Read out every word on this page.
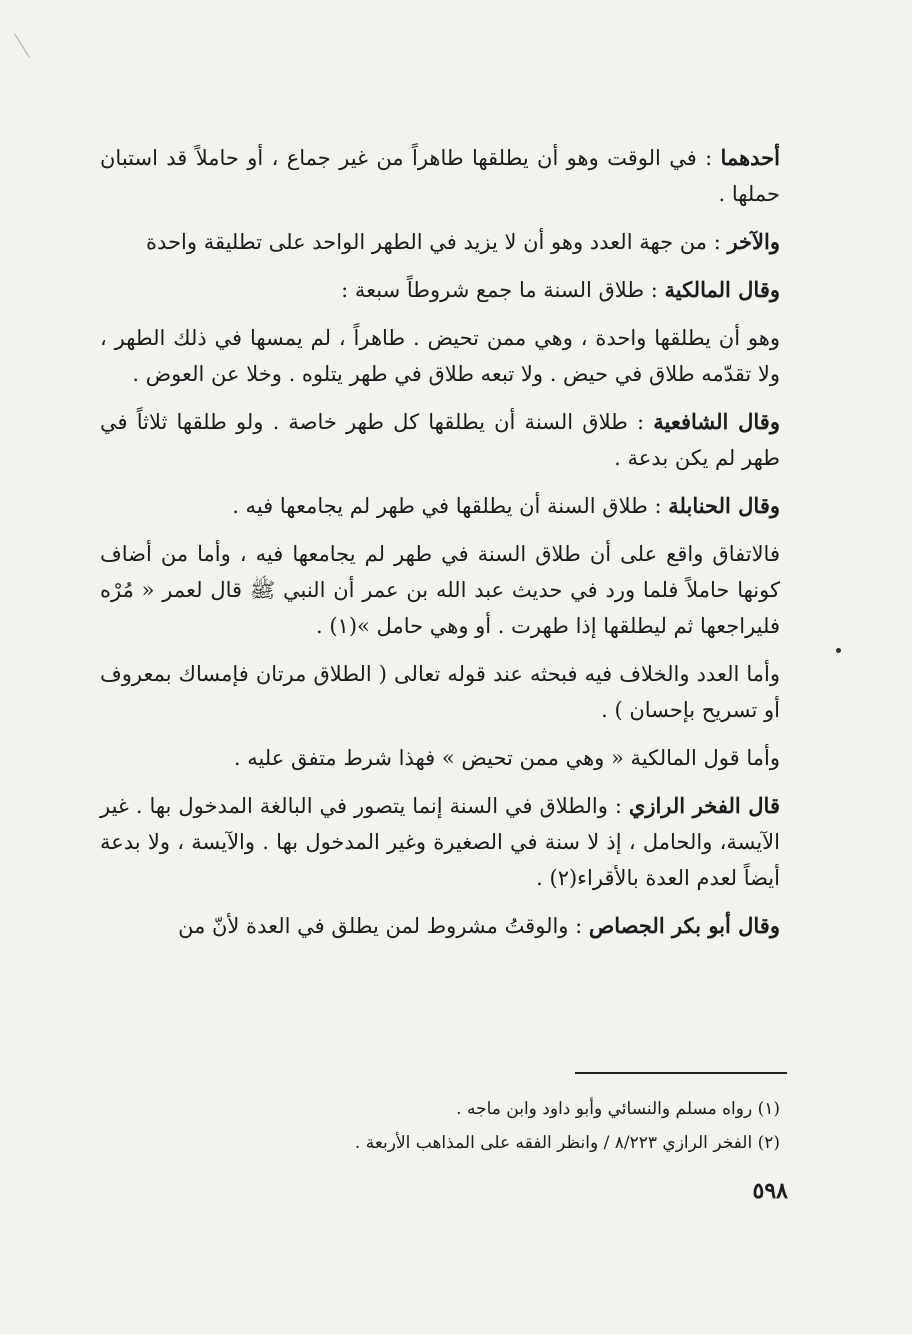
أحدهما : في الوقت وهو أن يطلقها طاهراً من غير جماع ، أو حاملاً قد استبان حملها .

والآخر : من جهة العدد وهو أن لا يزيد في الطهر الواحد على تطليقة واحدة

وقال المالكية : طلاق السنة ما جمع شروطاً سبعة :

وهو أن يطلقها واحدة ، وهي ممن تحيض . طاهراً ، لم يمسها في ذلك الطهر ، ولا تقدّمه طلاق في حيض . ولا تبعه طلاق في طهر يتلوه . وخلا عن العوض .

وقال الشافعية : طلاق السنة أن يطلقها كل طهر خاصة . ولو طلقها ثلاثاً في طهر لم يكن بدعة .

وقال الحنابلة : طلاق السنة أن يطلقها في طهر لم يجامعها فيه .

فالاتفاق واقع على أن طلاق السنة في طهر لم يجامعها فيه ، وأما من أضاف كونها حاملاً فلما ورد في حديث عبد الله بن عمر أن النبي ﷺ قال لعمر « مُرْه فليراجعها ثم ليطلقها إذا طهرت . أو وهي حامل »(١) .

وأما العدد والخلاف فيه فبحثه عند قوله تعالى ( الطلاق مرتان فإمساك بمعروف أو تسريح بإحسان ) .

وأما قول المالكية « وهي ممن تحيض » فهذا شرط متفق عليه .

قال الفخر الرازي : والطلاق في السنة إنما يتصور في البالغة المدخول بها . غير الآيسة، والحامل ، إذ لا سنة في الصغيرة وغير المدخول بها . والآيسة ، ولا بدعة أيضاً لعدم العدة بالأقراء(٢) .

وقال أبو بكر الجصاص : والوقتُ مشروط لمن يطلق في العدة لأنّ من

(١) رواه مسلم والنسائي وأبو داود وابن ماجه .

(٢) الفخر الرازي ٨/٢٢٣ / وانظر الفقه على المذاهب الأربعة .

٥٩٨
